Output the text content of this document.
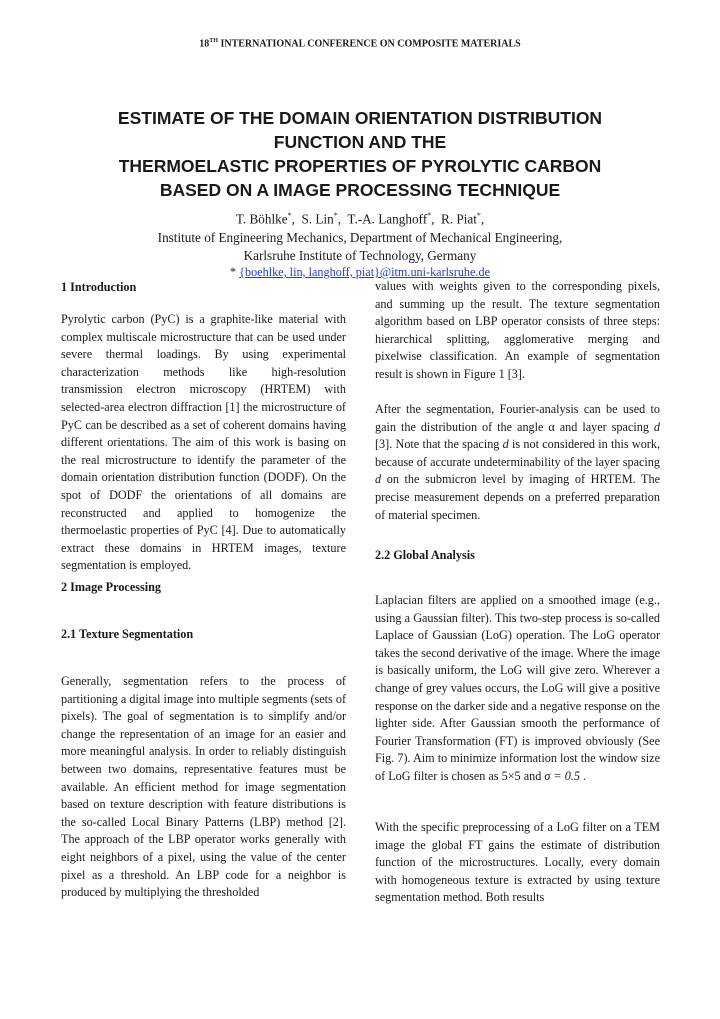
18TH INTERNATIONAL CONFERENCE ON COMPOSITE MATERIALS
ESTIMATE OF THE DOMAIN ORIENTATION DISTRIBUTION
FUNCTION AND THE
THERMOELASTIC PROPERTIES OF PYROLYTIC CARBON
BASED ON A IMAGE PROCESSING TECHNIQUE
T. Böhlke*,  S. Lin*,  T.-A. Langhoff*,  R. Piat*,
Institute of Engineering Mechanics, Department of Mechanical Engineering,
Karlsruhe Institute of Technology, Germany
* {boehlke, lin, langhoff, piat}@itm.uni-karlsruhe.de
1 Introduction
Pyrolytic carbon (PyC) is a graphite-like material with complex multiscale microstructure that can be used under severe thermal loadings. By using experimental characterization methods like high-resolution transmission electron microscopy (HRTEM) with selected-area electron diffraction [1] the microstructure of PyC can be described as a set of coherent domains having different orientations. The aim of this work is basing on the real microstructure to identify the parameter of the domain orientation distribution function (DODF). On the spot of DODF the orientations of all domains are reconstructed and applied to homogenize the thermoelastic properties of PyC [4]. Due to automatically extract these domains in HRTEM images, texture segmentation is employed.
2 Image Processing
2.1 Texture Segmentation
Generally, segmentation refers to the process of partitioning a digital image into multiple segments (sets of pixels). The goal of segmentation is to simplify and/or change the representation of an image for an easier and more meaningful analysis. In order to reliably distinguish between two domains, representative features must be available. An efficient method for image segmentation based on texture description with feature distributions is the so-called Local Binary Patterns (LBP) method [2]. The approach of the LBP operator works generally with eight neighbors of a pixel, using the value of the center pixel as a threshold. An LBP code for a neighbor is produced by multiplying the thresholded
values with weights given to the corresponding pixels, and summing up the result. The texture segmentation algorithm based on LBP operator consists of three steps: hierarchical splitting, agglomerative merging and pixelwise classification. An example of segmentation result is shown in Figure 1 [3].
After the segmentation, Fourier-analysis can be used to gain the distribution of the angle α and layer spacing d [3]. Note that the spacing d is not considered in this work, because of accurate undeterminability of the layer spacing d on the submicron level by imaging of HRTEM. The precise measurement depends on a preferred preparation of material specimen.
2.2 Global Analysis
Laplacian filters are applied on a smoothed image (e.g., using a Gaussian filter). This two-step process is so-called Laplace of Gaussian (LoG) operation. The LoG operator takes the second derivative of the image. Where the image is basically uniform, the LoG will give zero. Wherever a change of grey values occurs, the LoG will give a positive response on the darker side and a negative response on the lighter side. After Gaussian smooth the performance of Fourier Transformation (FT) is improved obviously (See Fig. 7). Aim to minimize information lost the window size of LoG filter is chosen as 5×5 and σ = 0.5 .
With the specific preprocessing of a LoG filter on a TEM image the global FT gains the estimate of distribution function of the microstructures. Locally, every domain with homogeneous texture is extracted by using texture segmentation method. Both results
